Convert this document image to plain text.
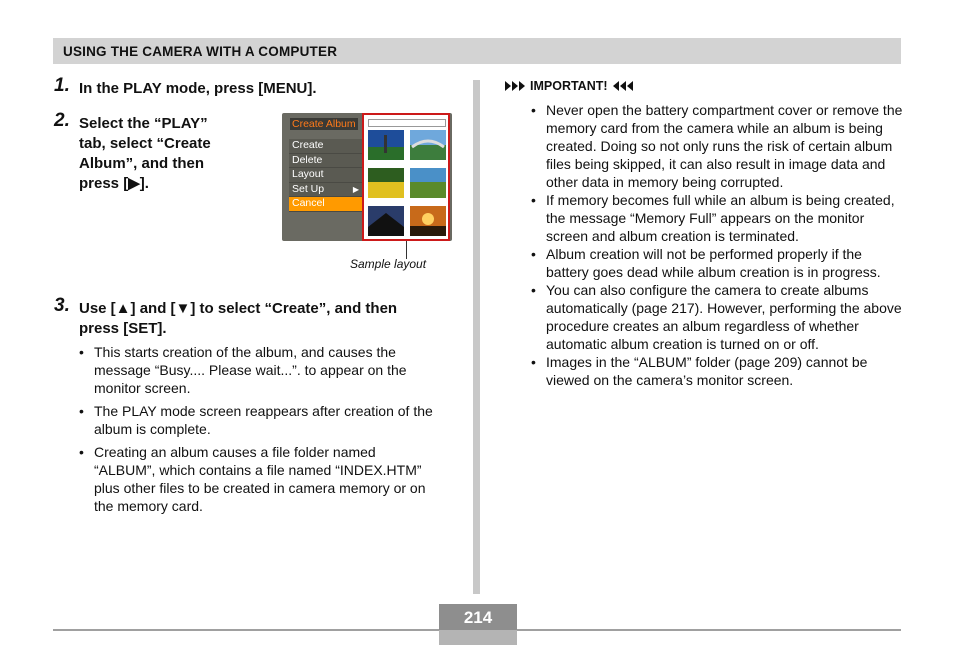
USING THE CAMERA WITH A COMPUTER
1. In the PLAY mode, press [MENU].
2. Select the “PLAY”
tab, select “Create
Album”, and then
press [▶].
Create Album
Create
Delete
Layout
Set Up	▶
Cancel
Sample layout
3. Use [▲] and [▼] to select “Create”, and then
press [SET].
• This starts creation of the album, and causes the message “Busy.... Please wait...”. to appear on the monitor screen.
• The PLAY mode screen reappears after creation of the album is complete.
• Creating an album causes a file folder named “ALBUM”, which contains a file named “INDEX.HTM” plus other files to be created in camera memory or on the memory card.
IMPORTANT!
• Never open the battery compartment cover or remove the memory card from the camera while an album is being created. Doing so not only runs the risk of certain album files being skipped, it can also result in image data and other data in memory being corrupted.
• If memory becomes full while an album is being created, the message “Memory Full” appears on the monitor screen and album creation is terminated.
• Album creation will not be performed properly if the battery goes dead while album creation is in progress.
• You can also configure the camera to create albums automatically (page 217). However, performing the above procedure creates an album regardless of whether automatic album creation is turned on or off.
• Images in the “ALBUM” folder (page 209) cannot be viewed on the camera’s monitor screen.
214
